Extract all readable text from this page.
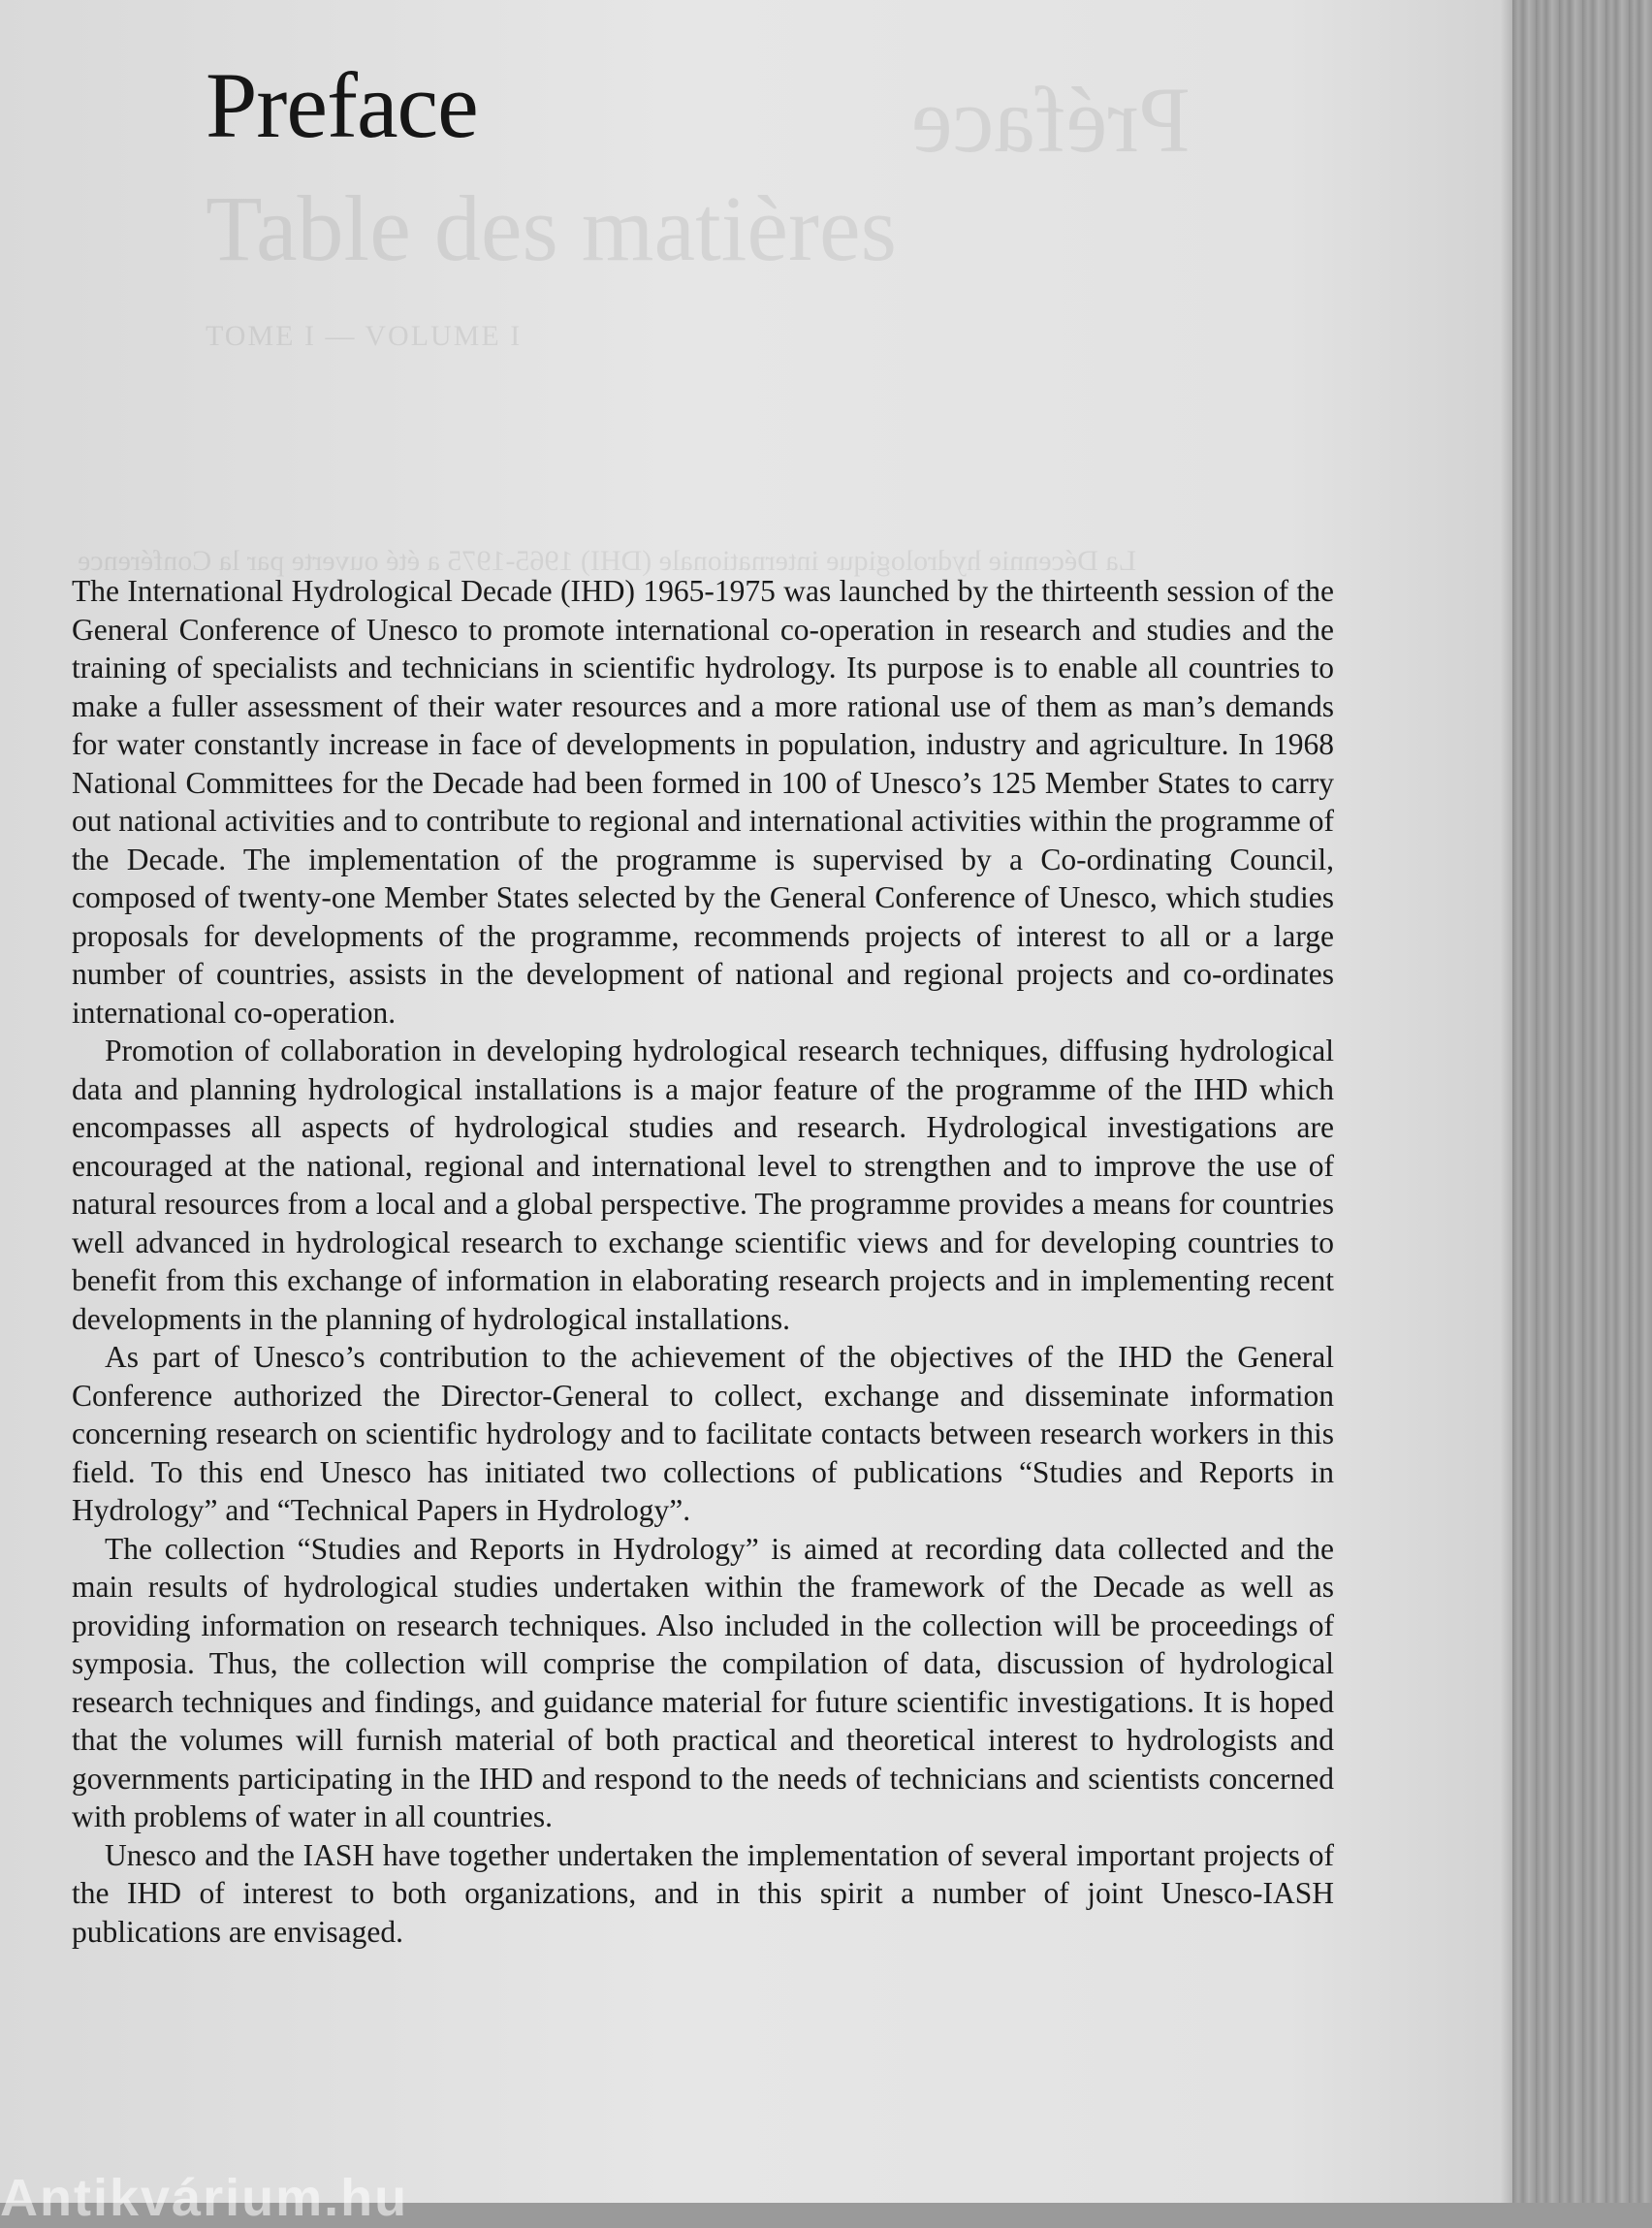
Préface
Table des matières
TOME I — VOLUME I
La Décennie hydrologique internationale (DHI) 1965-1975 a été ouverte par la Conférence
Preface

The International Hydrological Decade (IHD) 1965-1975 was launched by the thirteenth session of the General Conference of Unesco to promote international co-operation in research and studies and the training of specialists and technicians in scientific hydrology. Its purpose is to enable all countries to make a fuller assessment of their water resources and a more rational use of them as man’s demands for water constantly increase in face of developments in population, industry and agriculture. In 1968 National Committees for the Decade had been formed in 100 of Unesco’s 125 Member States to carry out national activities and to contribute to regional and international activities within the programme of the Decade. The implementation of the programme is supervised by a Co-ordinating Council, composed of twenty-one Member States selected by the General Conference of Unesco, which studies proposals for developments of the programme, recommends projects of interest to all or a large number of countries, assists in the development of national and regional projects and co-ordinates international co-operation.

Promotion of collaboration in developing hydrological research techniques, diffusing hydrological data and planning hydrological installations is a major feature of the programme of the IHD which encompasses all aspects of hydrological studies and research. Hydrological investigations are encouraged at the national, regional and international level to strengthen and to improve the use of natural resources from a local and a global perspective. The programme provides a means for countries well advanced in hydrological research to exchange scientific views and for developing countries to benefit from this exchange of information in elaborating research projects and in implementing recent developments in the planning of hydrological installations.

As part of Unesco’s contribution to the achievement of the objectives of the IHD the General Conference authorized the Director-General to collect, exchange and disseminate information concerning research on scientific hydrology and to facilitate contacts between research workers in this field. To this end Unesco has initiated two collections of publications “Studies and Reports in Hydrology” and “Technical Papers in Hydrology”.

The collection “Studies and Reports in Hydrology” is aimed at recording data collected and the main results of hydrological studies undertaken within the framework of the Decade as well as providing information on research techniques. Also included in the collection will be proceedings of symposia. Thus, the collection will comprise the compilation of data, discussion of hydrological research techniques and findings, and guidance material for future scientific investigations. It is hoped that the volumes will furnish material of both practical and theoretical interest to hydrologists and governments participating in the IHD and respond to the needs of technicians and scientists concerned with problems of water in all countries.

Unesco and the IASH have together undertaken the implementation of several important projects of the IHD of interest to both organizations, and in this spirit a number of joint Unesco-IASH publications are envisaged.

Antikvárium.hu
